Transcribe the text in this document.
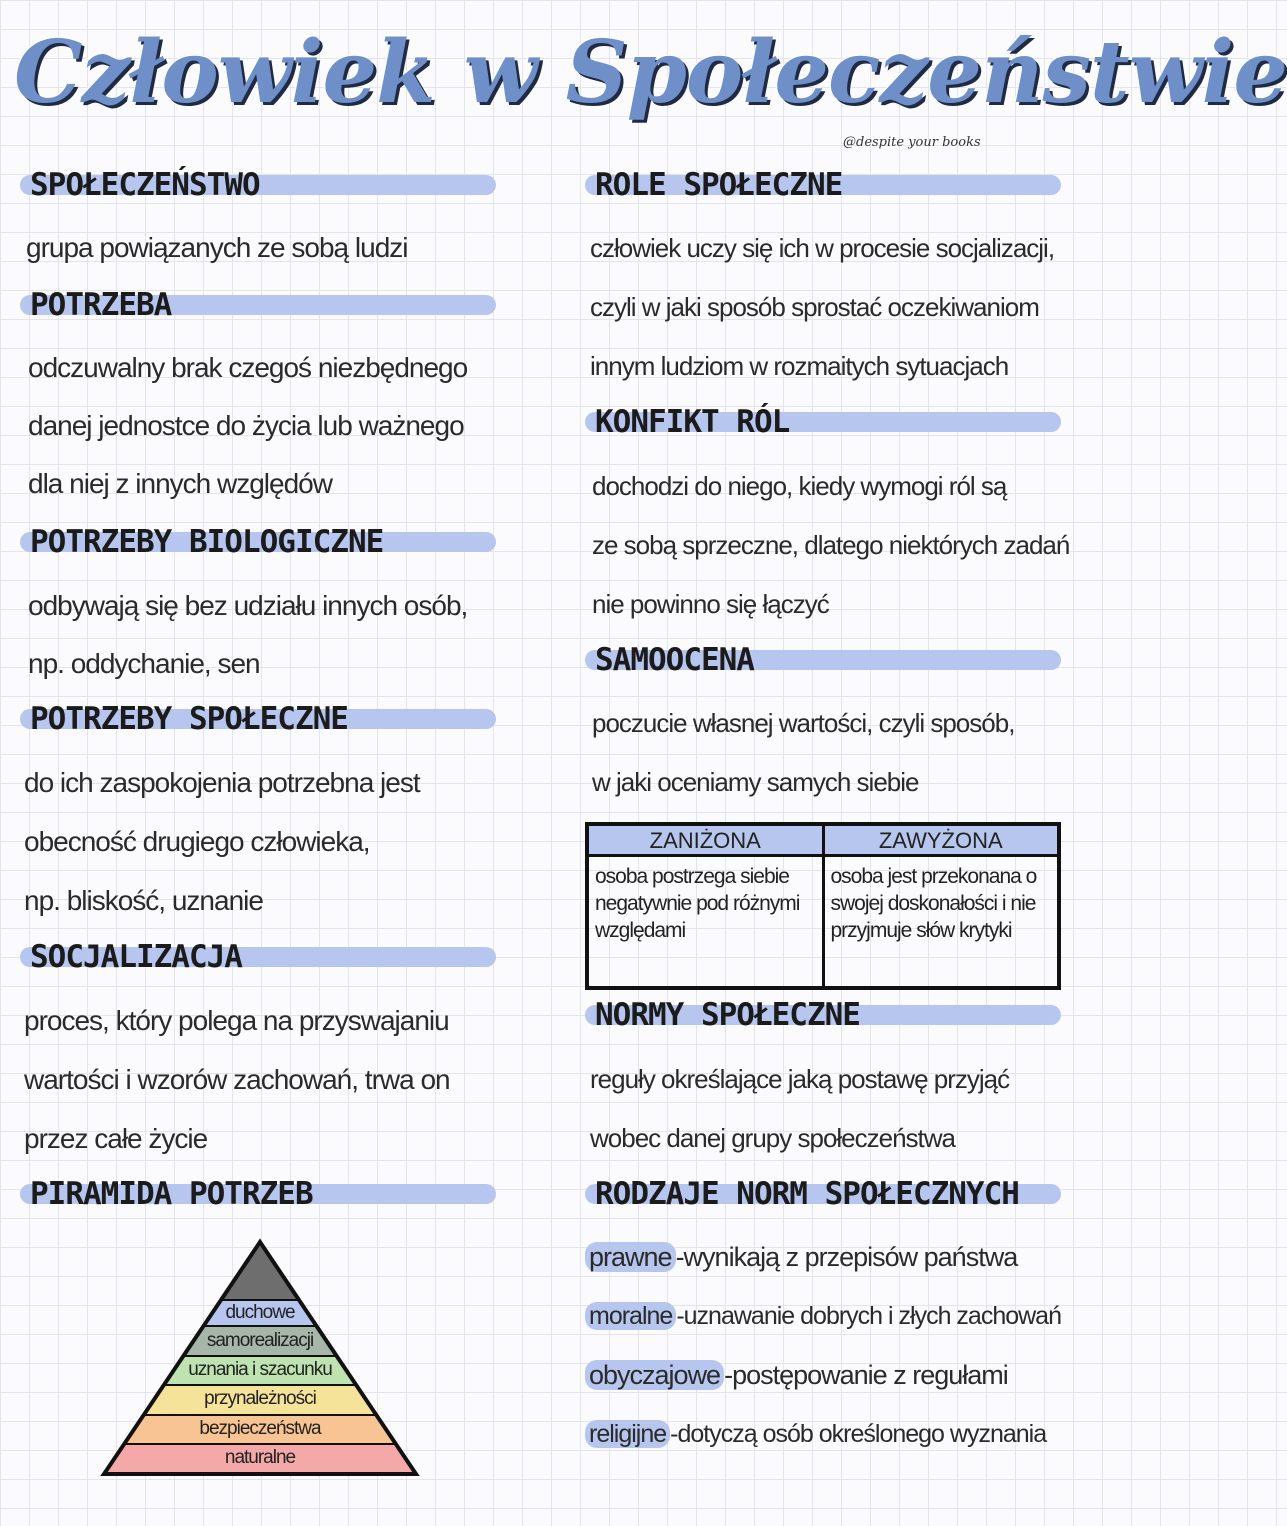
Człowiek w Społeczeństwie
@despite your books
SPOŁECZEŃSTWO
grupa powiązanych ze sobą ludzi
POTRZEBA
odczuwalny brak czegoś niezbędnego
danej jednostce do życia lub ważnego
dla niej z innych względów
POTRZEBY BIOLOGICZNE
odbywają się bez udziału innych osób,
np. oddychanie, sen
POTRZEBY SPOŁECZNE
do ich zaspokojenia potrzebna jest
obecność drugiego człowieka,
np. bliskość, uznanie
SOCJALIZACJA
proces, który polega na przyswajaniu
wartości i wzorów zachowań, trwa on
przez całe życie
PIRAMIDA POTRZEB
duchowe
samorealizacji
uznania i szacunku
przynależności
bezpieczeństwa
naturalne
ROLE SPOŁECZNE
człowiek uczy się ich w procesie socjalizacji,
czyli w jaki sposób sprostać oczekiwaniom
innym ludziom w rozmaitych sytuacjach
KONFIKT RÓL
dochodzi do niego, kiedy wymogi ról są
ze sobą sprzeczne, dlatego niektórych zadań
nie powinno się łączyć
SAMOOCENA
poczucie własnej wartości, czyli sposób,
w jaki oceniamy samych siebie
ZANIŻONA
osoba postrzega siebie negatywnie pod różnymi względami
ZAWYŻONA
osoba jest przekonana o swojej doskonałości i nie przyjmuje słów krytyki
NORMY SPOŁECZNE
reguły określające jaką postawę przyjąć
wobec danej grupy społeczeństwa
RODZAJE NORM SPOŁECZNYCH
prawne -wynikają z przepisów państwa
moralne -uznawanie dobrych i złych zachowań
obyczajowe -postępowanie z regułami
religijne -dotyczą osób określonego wyznania
